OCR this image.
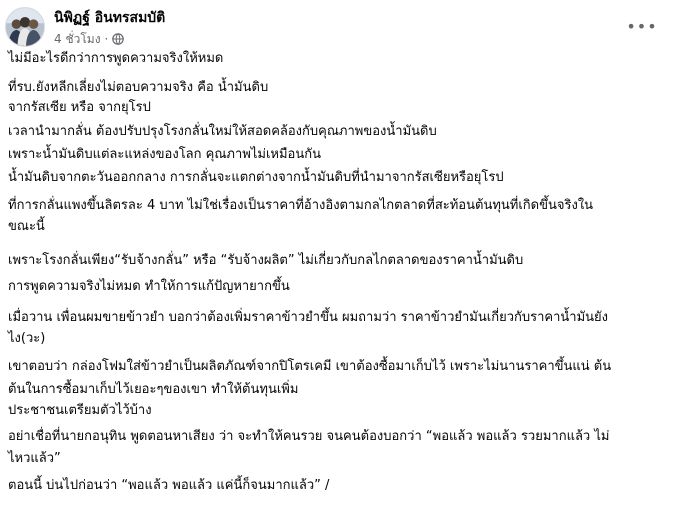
นิพิฏฐ์ อินทรสมบัติ
4 ชั่วโมง ·
•••
ไม่มีอะไรดีกว่าการพูดความจริงให้หมด
ที่รบ.ยังหลีกเลี่ยงไม่ตอบความจริง คือ น้ำมันดิบ
จากรัสเซีย หรือ จากยุโรป
เวลานำมากลั่น ต้องปรับปรุงโรงกลั่นใหม่ให้สอดคล้องกับคุณภาพของน้ำมันดิบ
เพราะน้ำมันดิบแต่ละแหล่งของโลก คุณภาพไม่เหมือนกัน
น้ำมันดิบจากตะวันออกกลาง การกลั่นจะแตกต่างจากน้ำมันดิบที่นำมาจากรัสเซียหรือยุโรป
ที่การกลั่นแพงขึ้นลิตรละ 4 บาท ไม่ใช่เรื่องเป็นราคาที่อ้างอิงตามกลไกตลาดที่สะท้อนต้นทุนที่เกิดขึ้นจริงใน
ขณะนี้
เพราะโรงกลั่นเพียง“รับจ้างกลั่น” หรือ “รับจ้างผลิต” ไม่เกี่ยวกับกลไกตลาดของราคาน้ำมันดิบ
การพูดความจริงไม่หมด ทำให้การแก้ปัญหายากขึ้น
เมื่อวาน เพื่อนผมขายข้าวยำ บอกว่าต้องเพิ่มราคาข้าวยำขึ้น ผมถามว่า ราคาข้าวยำมันเกี่ยวกับราคาน้ำมันยัง
ไง(วะ)
เขาตอบว่า กล่องโฟมใส่ข้าวยำเป็นผลิตภัณฑ์จากปิโตรเคมี เขาต้องซื้อมาเก็บไว้ เพราะไม่นานราคาขึ้นแน่ ต้น
ต้นในการซื้อมาเก็บไว้เยอะๆของเขา ทำให้ต้นทุนเพิ่ม
ประชาชนเตรียมตัวไว้บ้าง
อย่าเชื่อที่นายกอนุทิน พูดตอนหาเสียง ว่า จะทำให้คนรวย จนคนต้องบอกว่า “พอแล้ว พอแล้ว รวยมากแล้ว ไม่
ไหวแล้ว”
ตอนนี้ บ่นไปก่อนว่า “พอแล้ว พอแล้ว แค่นี้ก็จนมากแล้ว” /
